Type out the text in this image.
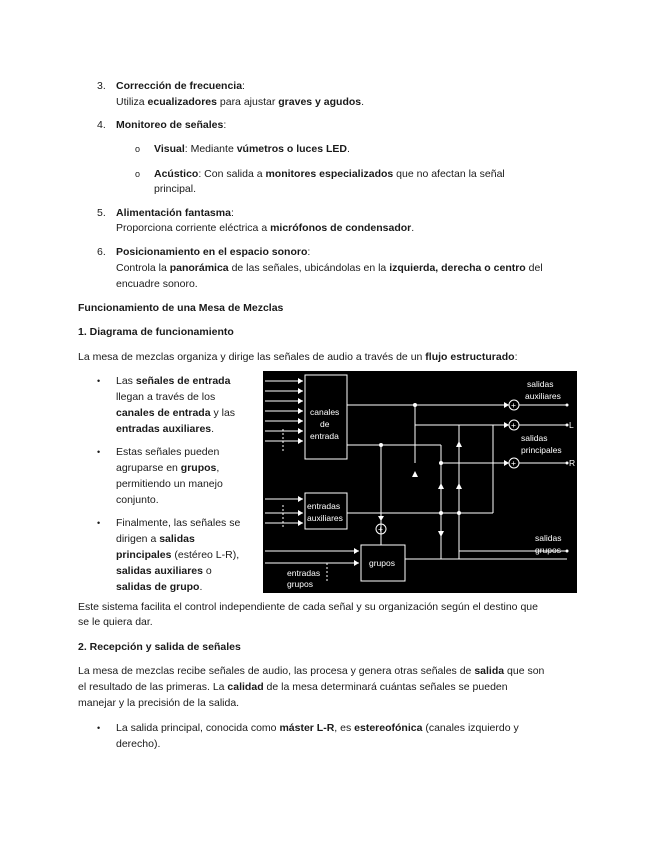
3. Corrección de frecuencia:
Utiliza ecualizadores para ajustar graves y agudos.
4. Monitoreo de señales:
o Visual: Mediante vúmetros o luces LED.
o Acústico: Con salida a monitores especializados que no afectan la señal
principal.
5. Alimentación fantasma:
Proporciona corriente eléctrica a micrófonos de condensador.
6. Posicionamiento en el espacio sonoro:
Controla la panorámica de las señales, ubicándolas en la izquierda, derecha o centro del
encuadre sonoro.
Funcionamiento de una Mesa de Mezclas
1. Diagrama de funcionamiento
La mesa de mezclas organiza y dirige las señales de audio a través de un flujo estructurado:
• Las señales de entrada
llegan a través de los
canales de entrada y las
entradas auxiliares.
• Estas señales pueden
agruparse en grupos,
permitiendo un manejo
conjunto.
• Finalmente, las señales se
dirigen a salidas
principales (estéreo L-R),
salidas auxiliares o
salidas de grupo.
+
+
+
+
canales
de
entrada
entradas
auxiliares
grupos
entradas
grupos
salidas
auxiliares
L
salidas
principales
R
salidas
grupos
Este sistema facilita el control independiente de cada señal y su organización según el destino que
se le quiera dar.
2. Recepción y salida de señales
La mesa de mezclas recibe señales de audio, las procesa y genera otras señales de salida que son
el resultado de las primeras. La calidad de la mesa determinará cuántas señales se pueden
manejar y la precisión de la salida.
• La salida principal, conocida como máster L-R, es estereofónica (canales izquierdo y
derecho).
